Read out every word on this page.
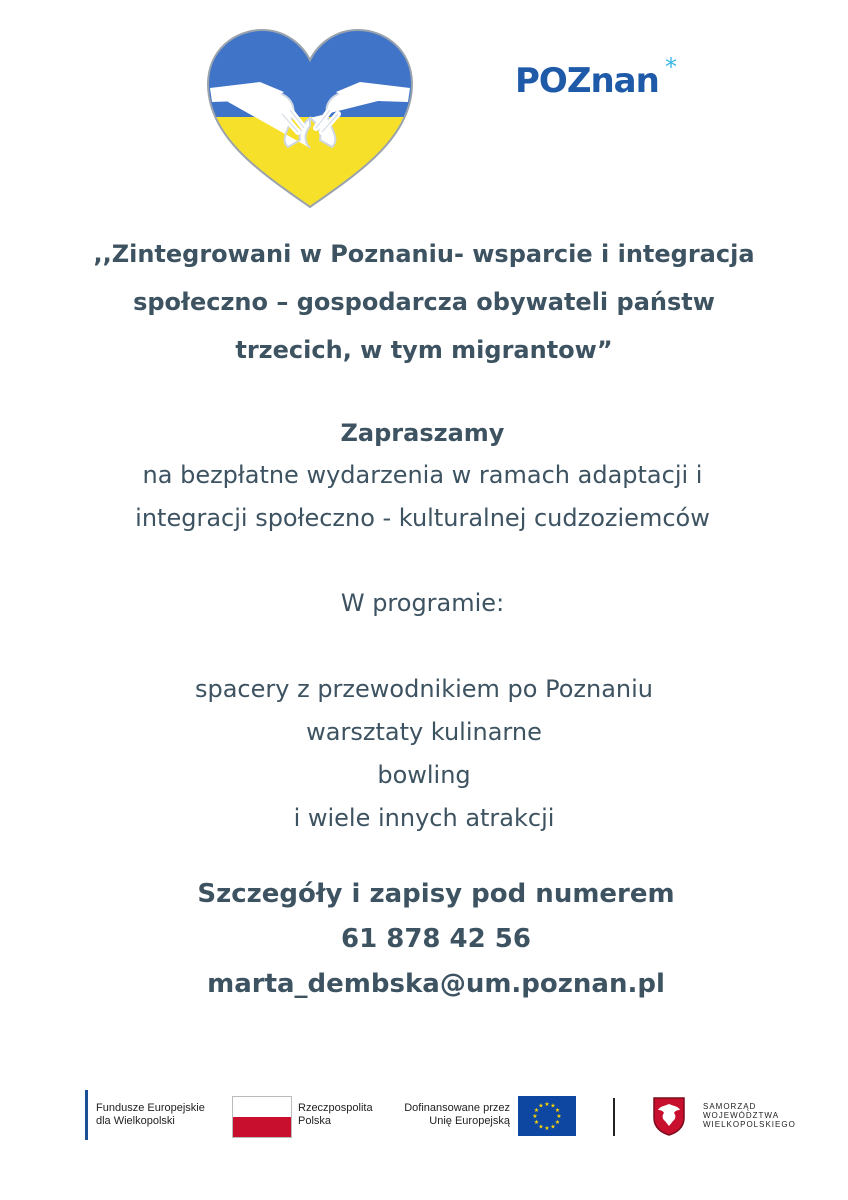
POZnan *
,,Zintegrowani w Poznaniu- wsparcie i integracja
społeczno – gospodarcza obywateli państw
trzecich, w tym migrantow”
Zapraszamy
na bezpłatne wydarzenia w ramach adaptacji i
integracji społeczno - kulturalnej cudzoziemców
W programie:
spacery z przewodnikiem po Poznaniu
warsztaty kulinarne
bowling
i wiele innych atrakcji
Szczegóły i zapisy pod numerem
61 878 42 56
marta_dembska@um.poznan.pl
Fundusze Europejskie
dla Wielkopolski
Rzeczpospolita
Polska
Dofinansowane przez
Unię Europejską
★ ★
★
★
★
★
★
★
★
★
★
★	SAMORZĄD
WOJEWÓDZTWA
WIELKOPOLSKIEGO
